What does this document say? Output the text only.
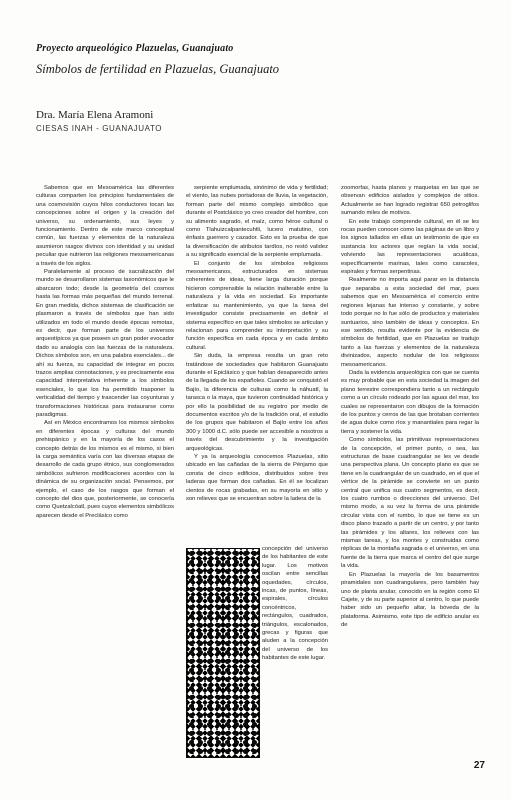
Proyecto arqueológico Plazuelas, Guanajuato
Símbolos de fertilidad en Plazuelas, Guanajuato
Dra. María Elena Aramoni
CIESAS INAH - GUANAJUATO

Sabemos que en Mesoamérica las diferentes culturas comparten los principios fundamentales de una cosmovisión cuyos hilos conductores tocan las concepciones sobre el origen y la creación del universo, su ordenamiento, sus leyes y funcionamiento. Dentro de este marco conceptual común, las fuerzas y elementos de la naturaleza asumieron rasgos divinos con identidad y su unidad peculiar que nutrieron las religiones mesoamericanas a través de los siglos.

Paralelamente al proceso de sacralización del mundo se desarrollaron sistemas taxonómicos que le abarcaron todo; desde la geometría del cosmos hasta las formas más pequeñas del mundo terrenal. En gran medida, dichos sistemas de clasificación se plasmaron a través de símbolos que han sido utilizados en todo el mundo desde épocas remotas, es decir, que forman parte de los universos arqueotípicos ya que poseen un gran poder evocador dado su analogía con las fuerzas de la naturaleza. Dichos símbolos son, en una palabra esenciales... de ahí su fuerza, su capacidad de integrar en pocos trazos amplias connotaciones, y es precisamente esa capacidad interpretativa inherente a los símbolos esenciales, lo que los ha permitido trasponer la verticalidad del tiempo y trascender las coyunturas y transformaciones históricas para instaurarse como paradigmas.

Así en México encontramos los mismos símbolos en diferentes épocas y culturas del mundo prehispánico y en la mayoría de los casos el concepto detrás de los mismos es el mismo, si bien la carga semántica varía con las diversas etapas de desarrollo de cada grupo étnico, sus conglomerados simbólicos sufrieron modificaciones acordes con la dinámica de su organización social. Pensemos, por ejemplo, el caso de los rasgos que forman el concepto del dios que, posteriormente, se conocería como Quetzalcóatl, pues cuyos elementos simbólicos aparecen desde el Preclásico como

serpiente emplumada, sinónimo de vida y fertilidad; el viento, las nubes portadoras de lluvia, la vegetación, forman parte del mismo complejo simbólico que durante el Postclásico yo creo creador del hombre, con su alimento sagrado, el maíz, como héroe cultural o como Tlahuizcalpantecuhtli, lucero matutino, con énfasis guerrero y cazador. Esto es la prueba de que la diversificación de atributos tardíos, no restó validez a su significado esencial de la serpiente emplumada.

El conjunto de los símbolos religiosos mesoamericanos, estructurados en sistemas coherentes de ideas, tiene larga duración porque hicieron comprensible la relación inalterable entre la naturaleza y la vida en sociedad. Es importante enfatizar su mantenimiento, ya que la tarea del investigador consiste precisamente en definir el sistema específico en que tales símbolos se articulan y relacionan para comprender su interpretación y su función específica en cada época y en cada ámbito cultural.

Sin duda, la empresa resulta un gran reto tratándose de sociedades que habitaron Guanajuato durante el Epiclásico y que habían desaparecido antes de la llegada de los españoles. Cuando se conquistó el Bajío, la diferencia de culturas como la náhuatl, la tarasca o la maya, que tuvieron continuidad histórica y por ello la posibilidad de su registro por medio de documentos escritos y/o de la tradición oral, el estudio de los grupos que habitaron el Bajío entre los años 300 y 1000 d.C. sólo puede ser accesible a nosotros a través del descubrimiento y la investigación arqueológicas.

Y ya la arqueología conocemos Plazuelas, sitio ubicado en las cañadas de la sierra de Pénjamo que consta de cinco edificios, distribuidos sobre tres laderas que forman dos cañadas. En él se localizan cientos de rocas grabadas, en su mayoría en sitio y son relieves que se encuentran sobre la ladera de la

concepción del universo de los habitantes de este lugar. Los motivos oscilan entre sencillas oquedades, círculos, incas, de puntos, líneas, espirales, círculos concéntricos, rectángulos, cuadrados, triángulos, escalonados, grecas y figuras que aluden a la concepción del universo de los habitantes de este lugar.

zoomorfas, hasta planos y maquetas en las que se observan edificios aislados y complejos de sitios. Actualmente se han logrado registrar 650 petroglifos sumando miles de motivos.

En este trabajo comprende cultural, en él se les rocas pueden conocer como las páginas de un libro y los signos tallados en ellas un testimonio de que es sustancia los actores que regían la vida social, volviendo las representaciones acuáticas, específicamente marinas, tales como caracoles, espirales y formas serpentinas.

Realmente no importa aquí parar en la distancia que separaba a esta sociedad del mar, pues sabemos que en Mesoamérica el comercio entre regiones lejanas fue intenso y constante, y sobre todo porque no lo fue sólo de productos y materiales suntuarios, sino también de ideas y conceptos. En ese sentido, resulta evidente por la evidencia de símbolos de fertilidad, que en Plazuelas se tradujo tanto a las fuerzas y elementos de la naturaleza divinizados, aspecto nodular de los religiosos mesoamericanos.

Dada la evidencia arqueológica con que se cuenta es muy probable que en esta sociedad la imagen del plano terrestre correspondiera tanto a un rectángulo como a un círculo rodeado por las aguas del mar, los cuales se representaron con dibujos de la formación de los puntos y cerros de las que brotaban corrientes de agua dulce como ríos y manantiales para regar la tierra y sostener la vida.

Como símbolos, las primitivas representaciones de la concepción, el primer punto, o sea, las estructuras de base cuadrangular se les ve desde una perspectiva plana. Un concepto plano es que se tiene en la cuadrangular de un cuadrado, en el que el vértice de la pirámide se convierte en un punto central que unifica sus cuatro segmentos, es decir, los cuatro rumbos o direcciones del universo. Del mismo modo, a su vez la forma de una pirámide circular vista con el rumbo, lo que se tiene es un disco plano trazado a partir de un centro, y por tanto las pirámides y los altares, los relieves con las mismas tareas, y los montes y construidas como réplicas de la montaña sagrada o el universo, en una fuente de la tierra que marca el centro del que surge la vida.

En Plazuelas la mayoría de los basamentos piramidales son cuadrangulares, pero también hay uno de planta anular, conocido en la región como El Cajete, y de su parte superior al centro, lo que puede haber sido un pequeño altar, la bóveda de la plataforma. Asimismo, este tipo de edificio anular es de

27
